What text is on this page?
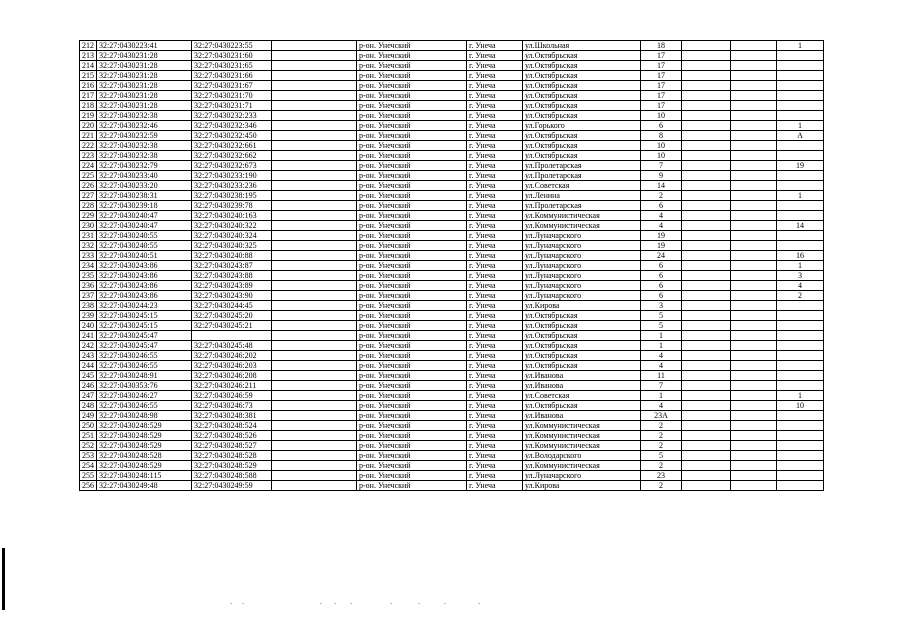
212	32:27:0430223:41	32:27:0430223:55		р-он. Унечский	г. Унеча	ул.Школьная	18			1
213	32:27:0430231:28	32:27:0430231:60		р-он. Унечский	г. Унеча	ул.Октябрьская	17			
214	32:27:0430231:28	32:27:0430231:65		р-он. Унечский	г. Унеча	ул.Октябрьская	17			
215	32:27:0430231:28	32:27:0430231:66		р-он. Унечский	г. Унеча	ул.Октябрьская	17			
216	32:27:0430231:28	32:27:0430231:67		р-он. Унечский	г. Унеча	ул.Октябрьская	17			
217	32:27:0430231:28	32:27:0430231:70		р-он. Унечский	г. Унеча	ул.Октябрьская	17			
218	32:27:0430231:28	32:27:0430231:71		р-он. Унечский	г. Унеча	ул.Октябрьская	17			
219	32:27:0430232:38	32:27:0430232:233		р-он. Унечский	г. Унеча	ул.Октябрьская	10			
220	32:27:0430232:46	32:27:0430232:346		р-он. Унечский	г. Унеча	ул.Горького	6			1
221	32:27:0430232:59	32:27:0430232:450		р-он. Унечский	г. Унеча	ул.Октябрьская	8			А
222	32:27:0430232:38	32:27:0430232:661		р-он. Унечский	г. Унеча	ул.Октябрьская	10			
223	32:27:0430232:38	32:27:0430232:662		р-он. Унечский	г. Унеча	ул.Октябрьская	10			
224	32:27:0430232:79	32:27:0430232:673		р-он. Унечский	г. Унеча	ул.Пролетарская	7			19
225	32:27:0430233:40	32:27:0430233:190		р-он. Унечский	г. Унеча	ул.Пролетарская	9			
226	32:27:0430233:20	32:27:0430233:236		р-он. Унечский	г. Унеча	ул.Советская	14			
227	32:27:0430238:31	32:27:0430238:195		р-он. Унечский	г. Унеча	ул.Ленина	2			1
228	32:27:0430239:18	32:27:0430239:78		р-он. Унечский	г. Унеча	ул.Пролетарская	6			
229	32:27:0430240:47	32:27:0430240:163		р-он. Унечский	г. Унеча	ул.Коммунистическая	4			
230	32:27:0430240:47	32:27:0430240:322		р-он. Унечский	г. Унеча	ул.Коммунистическая	4			14
231	32:27:0430240:55	32:27:0430240:324		р-он. Унечский	г. Унеча	ул.Луначарского	19			
232	32:27:0430240:55	32:27:0430240:325		р-он. Унечский	г. Унеча	ул.Луначарского	19			
233	32:27:0430240:51	32:27:0430240:88		р-он. Унечский	г. Унеча	ул.Луначарского	24			16
234	32:27:0430243:86	32:27:0430243:87		р-он. Унечский	г. Унеча	ул.Луначарского	6			1
235	32:27:0430243:86	32:27:0430243:88		р-он. Унечский	г. Унеча	ул.Луначарского	6			3
236	32:27:0430243:86	32:27:0430243:89		р-он. Унечский	г. Унеча	ул.Луначарского	6			4
237	32:27:0430243:86	32:27:0430243:90		р-он. Унечский	г. Унеча	ул.Луначарского	6			2
238	32:27:0430244:23	32:27:0430244:45		р-он. Унечский	г. Унеча	ул.Кирова	3			
239	32:27:0430245:15	32:27:0430245:20		р-он. Унечский	г. Унеча	ул.Октябрьская	5			
240	32:27:0430245:15	32:27:0430245:21		р-он. Унечский	г. Унеча	ул.Октябрьская	5			
241	32:27:0430245:47			р-он. Унечский	г. Унеча	ул.Октябрьская	1			
242	32:27:0430245:47	32:27:0430245:48		р-он. Унечский	г. Унеча	ул.Октябрьская	1			
243	32:27:0430246:55	32:27:0430246:202		р-он. Унечский	г. Унеча	ул.Октябрьская	4			
244	32:27:0430246:55	32:27:0430246:203		р-он. Унечский	г. Унеча	ул.Октябрьская	4			
245	32:27:0430248:91	32:27:0430246:208		р-он. Унечский	г. Унеча	ул.Иванова	11			
246	32:27:0430353:76	32:27:0430246:211		р-он. Унечский	г. Унеча	ул.Иванова	7			
247	32:27:0430246:27	32:27:0430246:59		р-он. Унечский	г. Унеча	ул.Советская	1			1
248	32:27:0430246:55	32:27:0430246:73		р-он. Унечский	г. Унеча	ул.Октябрьская	4			10
249	32:27:0430248:98	32:27:0430248:381		р-он. Унечский	г. Унеча	ул.Иванова	23А			
250	32:27:0430248:529	32:27:0430248:524		р-он. Унечский	г. Унеча	ул.Коммунистическая	2			
251	32:27:0430248:529	32:27:0430248:526		р-он. Унечский	г. Унеча	ул.Коммунистическая	2			
252	32:27:0430248:529	32:27:0430248:527		р-он. Унечский	г. Унеча	ул.Коммунистическая	2			
253	32:27:0430248:528	32:27:0430248:528		р-он. Унечский	г. Унеча	ул.Володарского	5			
254	32:27:0430248:529	32:27:0430248:529		р-он. Унечский	г. Унеча	ул.Коммунистическая	2			
255	32:27:0430248:115	32:27:0430248:588		р-он. Унечский	г. Унеча	ул.Луначарского	23			
256	32:27:0430249:48	32:27:0430249:59		р-он. Унечский	г. Унеча	ул.Кирова	2			
